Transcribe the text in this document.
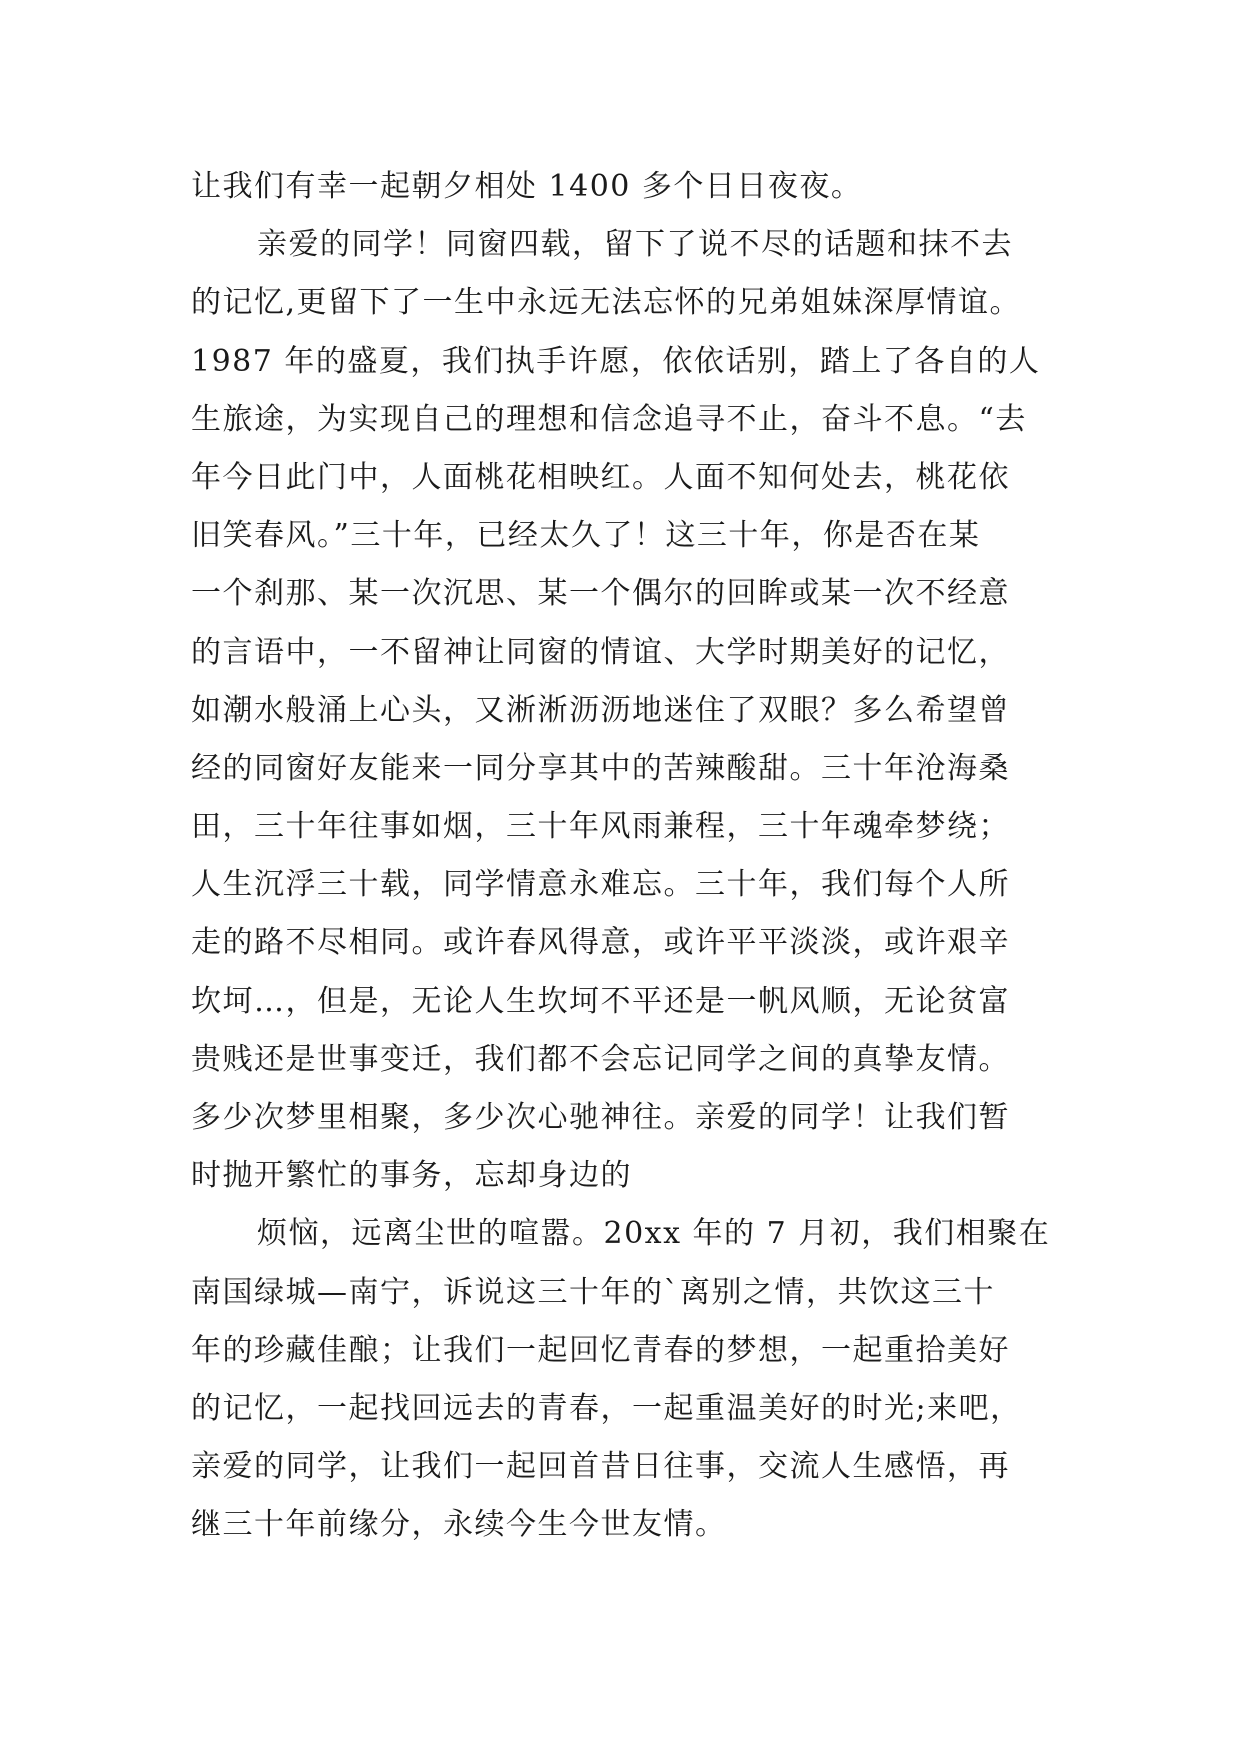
让我们有幸一起朝夕相处 1400 多个日日夜夜。
亲爱的同学！同窗四载，留下了说不尽的话题和抹不去
的记忆,更留下了一生中永远无法忘怀的兄弟姐妹深厚情谊。
1987 年的盛夏，我们执手许愿，依依话别，踏上了各自的人
生旅途，为实现自己的理想和信念追寻不止，奋斗不息。“去
年今日此门中，人面桃花相映红。人面不知何处去，桃花依
旧笑春风。”三十年，已经太久了！这三十年，你是否在某
一个刹那、某一次沉思、某一个偶尔的回眸或某一次不经意
的言语中，一不留神让同窗的情谊、大学时期美好的记忆，
如潮水般涌上心头，又淅淅沥沥地迷住了双眼？多么希望曾
经的同窗好友能来一同分享其中的苦辣酸甜。三十年沧海桑
田，三十年往事如烟，三十年风雨兼程，三十年魂牵梦绕；
人生沉浮三十载，同学情意永难忘。三十年，我们每个人所
走的路不尽相同。或许春风得意，或许平平淡淡，或许艰辛
坎坷…，但是，无论人生坎坷不平还是一帆风顺，无论贫富
贵贱还是世事变迁，我们都不会忘记同学之间的真挚友情。
多少次梦里相聚，多少次心驰神往。亲爱的同学！让我们暂
时抛开繁忙的事务，忘却身边的
烦恼，远离尘世的喧嚣。20xx 年的 7 月初，我们相聚在
南国绿城—南宁，诉说这三十年的`离别之情，共饮这三十
年的珍藏佳酿；让我们一起回忆青春的梦想，一起重拾美好
的记忆，一起找回远去的青春，一起重温美好的时光;来吧，
亲爱的同学，让我们一起回首昔日往事，交流人生感悟，再
继三十年前缘分，永续今生今世友情。
